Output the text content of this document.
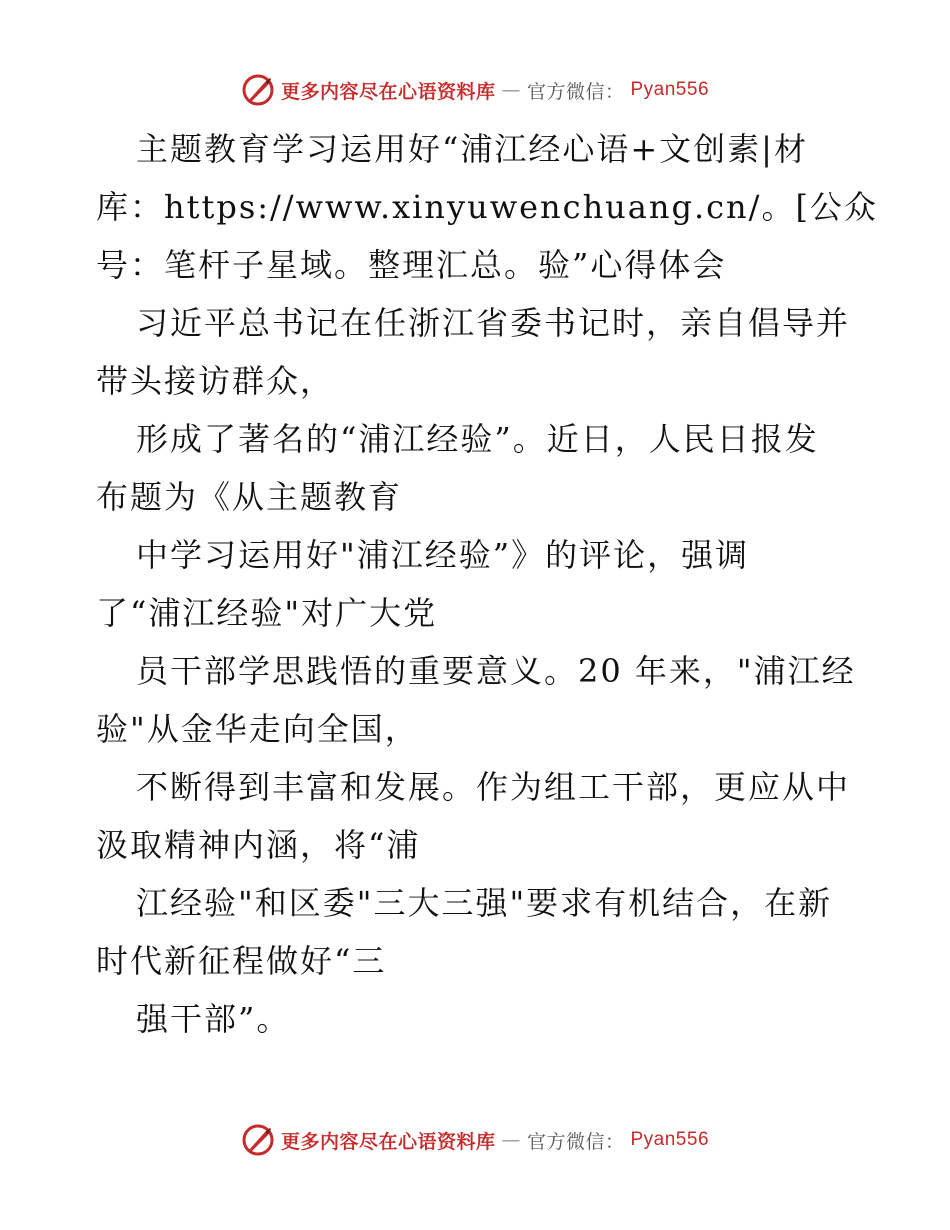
更多内容尽在心语资料库 — 官方微信： Pyan556
主题教育学习运用好“浦江经心语+文创素|材
库：https://www.xinyuwenchuang.cn/。[公众
号：笔杆子星域。整理汇总。验”心得体会
习近平总书记在任浙江省委书记时，亲自倡导并
带头接访群众，
形成了著名的“浦江经验”。近日，人民日报发
布题为《从主题教育
中学习运用好"浦江经验”》的评论，强调
了“浦江经验"对广大党
员干部学思践悟的重要意义。20 年来，"浦江经
验"从金华走向全国，
不断得到丰富和发展。作为组工干部，更应从中
汲取精神内涵，将“浦
江经验"和区委"三大三强"要求有机结合，在新
时代新征程做好“三
强干部”。
更多内容尽在心语资料库 — 官方微信： Pyan556
